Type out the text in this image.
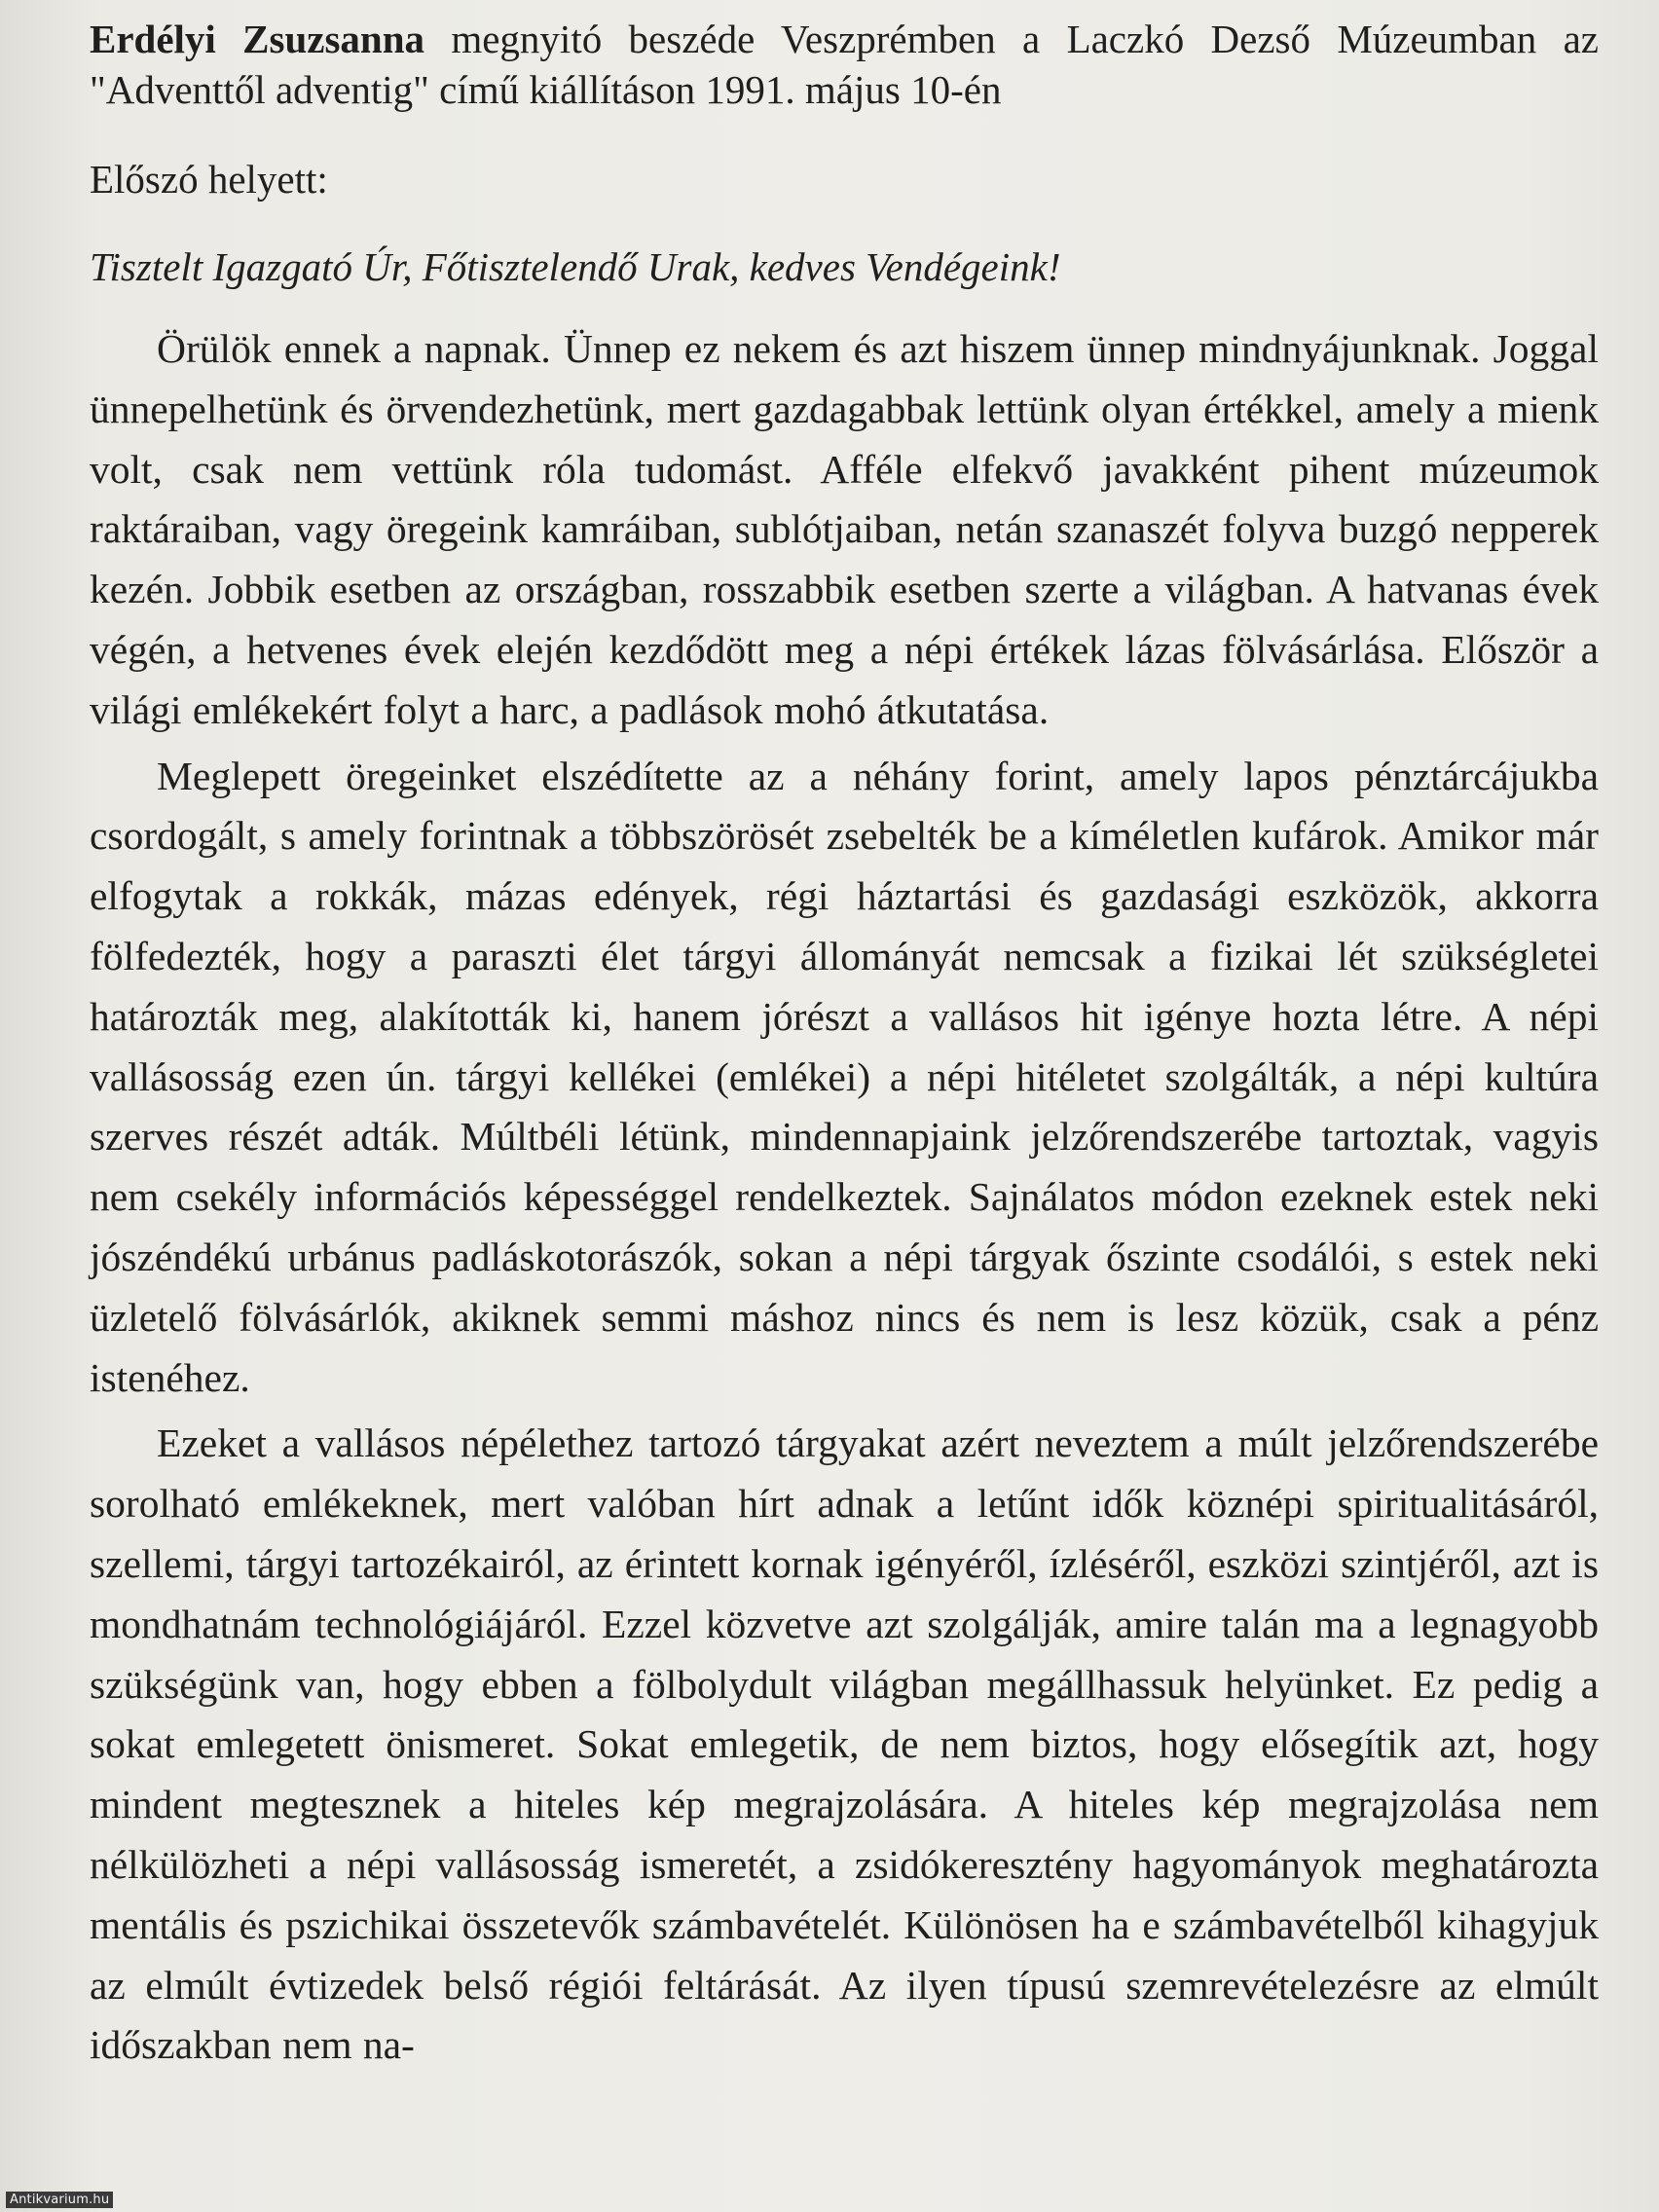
Erdélyi Zsuzsanna megnyitó beszéde Veszprémben a Laczkó Dezső Múzeumban az "Adventtől adventig" című kiállításon 1991. május 10-én

Előszó helyett:

Tisztelt Igazgató Úr, Főtisztelendő Urak, kedves Vendégeink!

Örülök ennek a napnak. Ünnep ez nekem és azt hiszem ünnep mindnyájunknak. Joggal ünnepelhetünk és örvendezhetünk, mert gazdagabbak lettünk olyan értékkel, amely a mienk volt, csak nem vettünk róla tudomást. Afféle elfekvő javakként pihent múzeumok raktáraiban, vagy öregeink kamráiban, sublótjaiban, netán szanaszét folyva buzgó nepperek kezén. Jobbik esetben az országban, rosszabbik esetben szerte a világban. A hatvanas évek végén, a hetvenes évek elején kezdődött meg a népi értékek lázas fölvásárlása. Először a világi emlékekért folyt a harc, a padlások mohó átkutatása.

Meglepett öregeinket elszédítette az a néhány forint, amely lapos pénztárcájukba csordogált, s amely forintnak a többszörösét zsebelték be a kíméletlen kufárok. Amikor már elfogytak a rokkák, mázas edények, régi háztartási és gazdasági eszközök, akkorra fölfedezték, hogy a paraszti élet tárgyi állományát nemcsak a fizikai lét szükségletei határozták meg, alakították ki, hanem jórészt a vallásos hit igénye hozta létre. A népi vallásosság ezen ún. tárgyi kellékei (emlékei) a népi hitéletet szolgálták, a népi kultúra szerves részét adták. Múltbéli létünk, mindennapjaink jelzőrendszerébe tartoztak, vagyis nem csekély információs képességgel rendelkeztek. Sajnálatos módon ezeknek estek neki jószéndékú urbánus padláskotorászók, sokan a népi tárgyak őszinte csodálói, s estek neki üzletelő fölvásárlók, akiknek semmi máshoz nincs és nem is lesz közük, csak a pénz istenéhez.

Ezeket a vallásos népélethez tartozó tárgyakat azért neveztem a múlt jelzőrendszerébe sorolható emlékeknek, mert valóban hírt adnak a letűnt idők köznépi spiritualitásáról, szellemi, tárgyi tartozékairól, az érintett kornak igényéről, ízléséről, eszközi szintjéről, azt is mondhatnám technológiájáról. Ezzel közvetve azt szolgálják, amire talán ma a legnagyobb szükségünk van, hogy ebben a fölbolydult világban megállhassuk helyünket. Ez pedig a sokat emlegetett önismeret. Sokat emlegetik, de nem biztos, hogy elősegítik azt, hogy mindent megtesznek a hiteles kép megrajzolására. A hiteles kép megrajzolása nem nélkülözheti a népi vallásosság ismeretét, a zsidókeresztény hagyományok meghatározta mentális és pszichikai összetevők számbavételét. Különösen ha e számbavételből kihagyjuk az elmúlt évtizedek belső régiói feltárását. Az ilyen típusú szemrevételezésre az elmúlt időszakban nem na-

Antikvarium.hu
